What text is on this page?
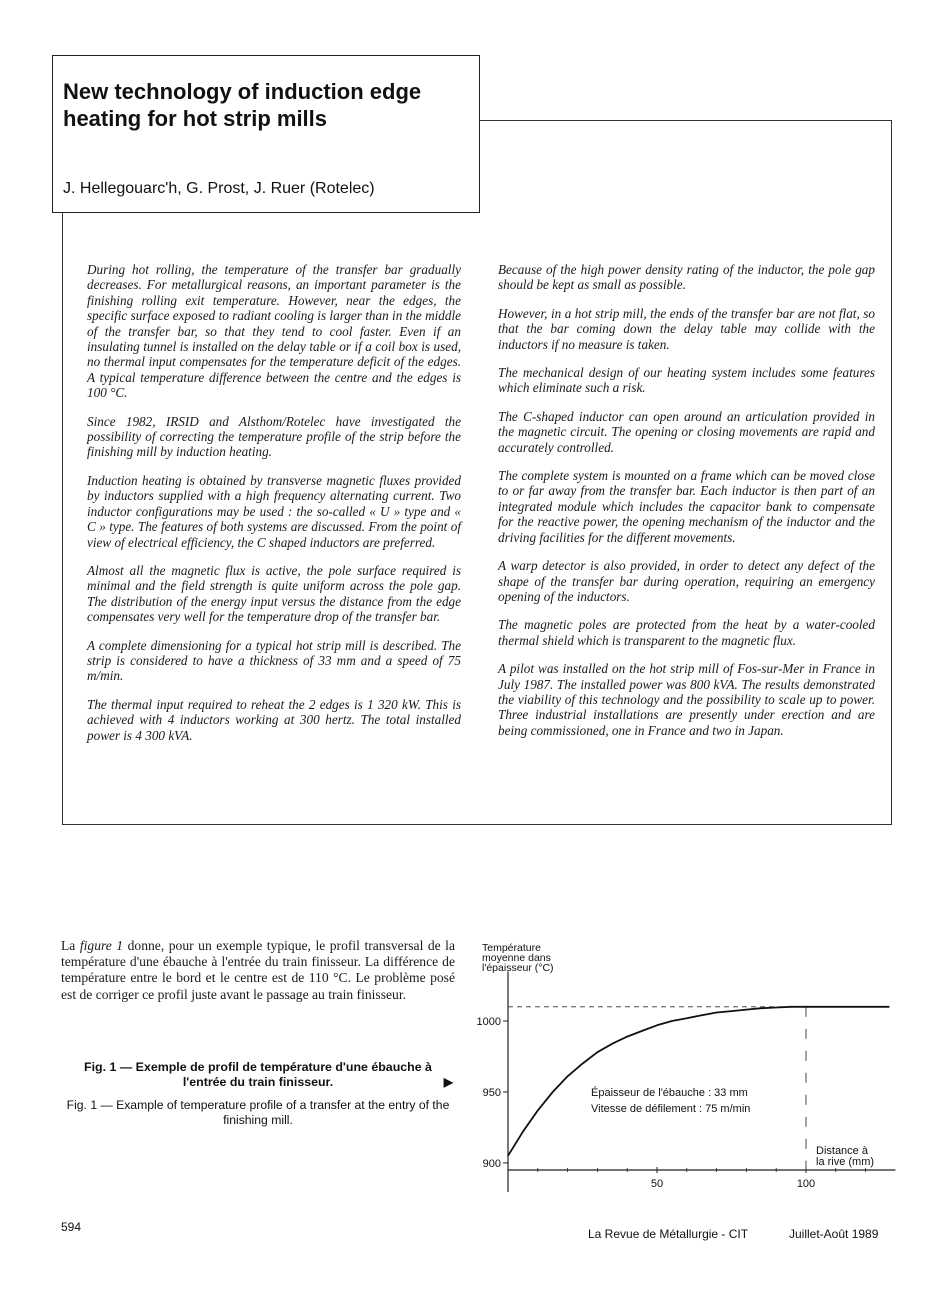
New technology of induction edge heating for hot strip mills
J. Hellegouarc'h, G. Prost, J. Ruer (Rotelec)

During hot rolling, the temperature of the transfer bar gradually decreases. For metallurgical reasons, an important parameter is the finishing rolling exit temperature. However, near the edges, the specific surface exposed to radiant cooling is larger than in the middle of the transfer bar, so that they tend to cool faster. Even if an insulating tunnel is installed on the delay table or if a coil box is used, no thermal input compensates for the temperature deficit of the edges. A typical temperature difference between the centre and the edges is 100 °C.

Since 1982, IRSID and Alsthom/Rotelec have investigated the possibility of correcting the temperature profile of the strip before the finishing mill by induction heating.

Induction heating is obtained by transverse magnetic fluxes provided by inductors supplied with a high frequency alternating current. Two inductor configurations may be used : the so-called « U » type and « C » type. The features of both systems are discussed. From the point of view of electrical efficiency, the C shaped inductors are preferred.

Almost all the magnetic flux is active, the pole surface required is minimal and the field strength is quite uniform across the pole gap. The distribution of the energy input versus the distance from the edge compensates very well for the temperature drop of the transfer bar.

A complete dimensioning for a typical hot strip mill is described. The strip is considered to have a thickness of 33 mm and a speed of 75 m/min.

The thermal input required to reheat the 2 edges is 1 320 kW. This is achieved with 4 inductors working at 300 hertz. The total installed power is 4 300 kVA.

Because of the high power density rating of the inductor, the pole gap should be kept as small as possible.

However, in a hot strip mill, the ends of the transfer bar are not flat, so that the bar coming down the delay table may collide with the inductors if no measure is taken.

The mechanical design of our heating system includes some features which eliminate such a risk.

The C-shaped inductor can open around an articulation provided in the magnetic circuit. The opening or closing movements are rapid and accurately controlled.

The complete system is mounted on a frame which can be moved close to or far away from the transfer bar. Each inductor is then part of an integrated module which includes the capacitor bank to compensate for the reactive power, the opening mechanism of the inductor and the driving facilities for the different movements.

A warp detector is also provided, in order to detect any defect of the shape of the transfer bar during operation, requiring an emergency opening of the inductors.

The magnetic poles are protected from the heat by a water-cooled thermal shield which is transparent to the magnetic flux.

A pilot was installed on the hot strip mill of Fos-sur-Mer in France in July 1987. The installed power was 800 kVA. The results demonstrated the viability of this technology and the possibility to scale up to power. Three industrial installations are presently under erection and are being commissioned, one in France and two in Japan.

La figure 1 donne, pour un exemple typique, le profil transversal de la température d'une ébauche à l'entrée du train finisseur. La différence de température entre le bord et le centre est de 110 °C. Le problème posé est de corriger ce profil juste avant le passage au train finisseur.

Fig. 1 — Exemple de profil de température d'une ébauche à l'entrée du train finisseur.	▶
Fig. 1 — Example of temperature profile of a transfer at the entry of the finishing mill.
Température
moyenne dans
l'épaisseur (°C)
900
950
1000
50	100
Épaisseur de l'ébauche : 33 mm
Vitesse de défilement : 75 m/min
Distance à
la rive (mm)
594	La Revue de Métallurgie - CIT	Juillet-Août 1989
